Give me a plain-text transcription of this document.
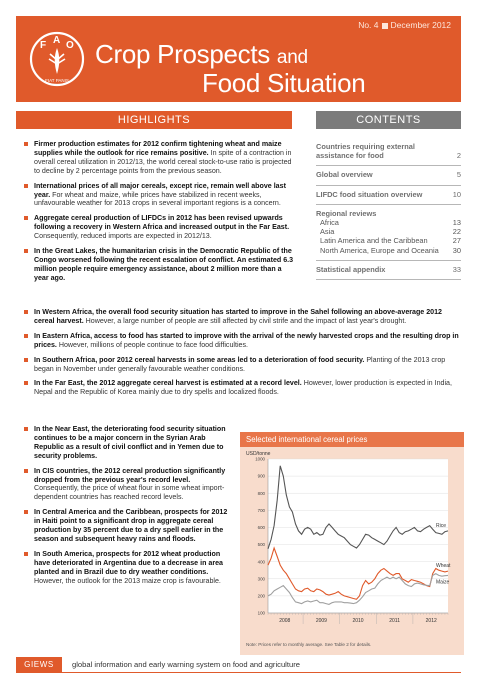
No. 4 December 2012
F A O
FIAT PANIS
Crop Prospects and
Food Situation
HIGHLIGHTS	CONTENTS
Firmer production estimates for 2012 confirm tightening wheat and maize supplies while the outlook for rice remains positive. In spite of a contraction in overall cereal utilization in 2012/13, the world cereal stock-to-use ratio is projected to decline by 2 percentage points from the previous season.
International prices of all major cereals, except rice, remain well above last year. For wheat and maize, while prices have stabilized in recent weeks, unfavourable weather for 2013 crops in several important regions is a concern.
Aggregate cereal production of LIFDCs in 2012 has been revised upwards following a recovery in Western Africa and increased output in the Far East. Consequently, reduced imports are expected in 2012/13.
In the Great Lakes, the humanitarian crisis in the Democratic Republic of the Congo worsened following the recent escalation of conflict. An estimated 6.3 million people require emergency assistance, about 2 million more than a year ago.
Countries requiring external
assistance for food	2
Global overview	5
LIFDC food situation overview	10
Regional reviews
Africa	13
Asia	22
Latin America and the Caribbean	27
North America, Europe and Oceania 30
Statistical appendix	33
In Western Africa, the overall food security situation has started to improve in the Sahel following an above-average 2012 cereal harvest. However, a large number of people are still affected by civil strife and the impact of last year's drought.
In Eastern Africa, access to food has started to improve with the arrival of the newly harvested crops and the resulting drop in prices. However, millions of people continue to face food difficulties.
In Southern Africa, poor 2012 cereal harvests in some areas led to a deterioration of food security. Planting of the 2013 crop began in November under generally favourable weather conditions.
In the Far East, the 2012 aggregate cereal harvest is estimated at a record level. However, lower production is expected in India, Nepal and the Republic of Korea mainly due to dry spells and localized floods.
In the Near East, the deteriorating food security situation continues to be a major concern in the Syrian Arab Republic as a result of civil conflict and in Yemen due to security problems.
In CIS countries, the 2012 cereal production significantly dropped from the previous year's record level. Consequently, the price of wheat flour in some wheat import-dependent countries has reached record levels.
In Central America and the Caribbean, prospects for 2012 in Haiti point to a significant drop in aggregate cereal production by 35 percent due to a dry spell earlier in the season and subsequent heavy rains and floods.
In South America, prospects for 2012 wheat production have deteriorated in Argentina due to a decrease in area planted and in Brazil due to dry weather conditions. However, the outlook for the 2013 maize crop is favourable.
Selected international cereal prices
USD/tonne
100
200
300
400
500
600
700
800
900
1000
2008	2009	2010	2011	2012
Rice
Wheat
Maize
Note: Prices refer to monthly average. See Table 2 for details.
GIEWS	global information and early warning system on food and agriculture
